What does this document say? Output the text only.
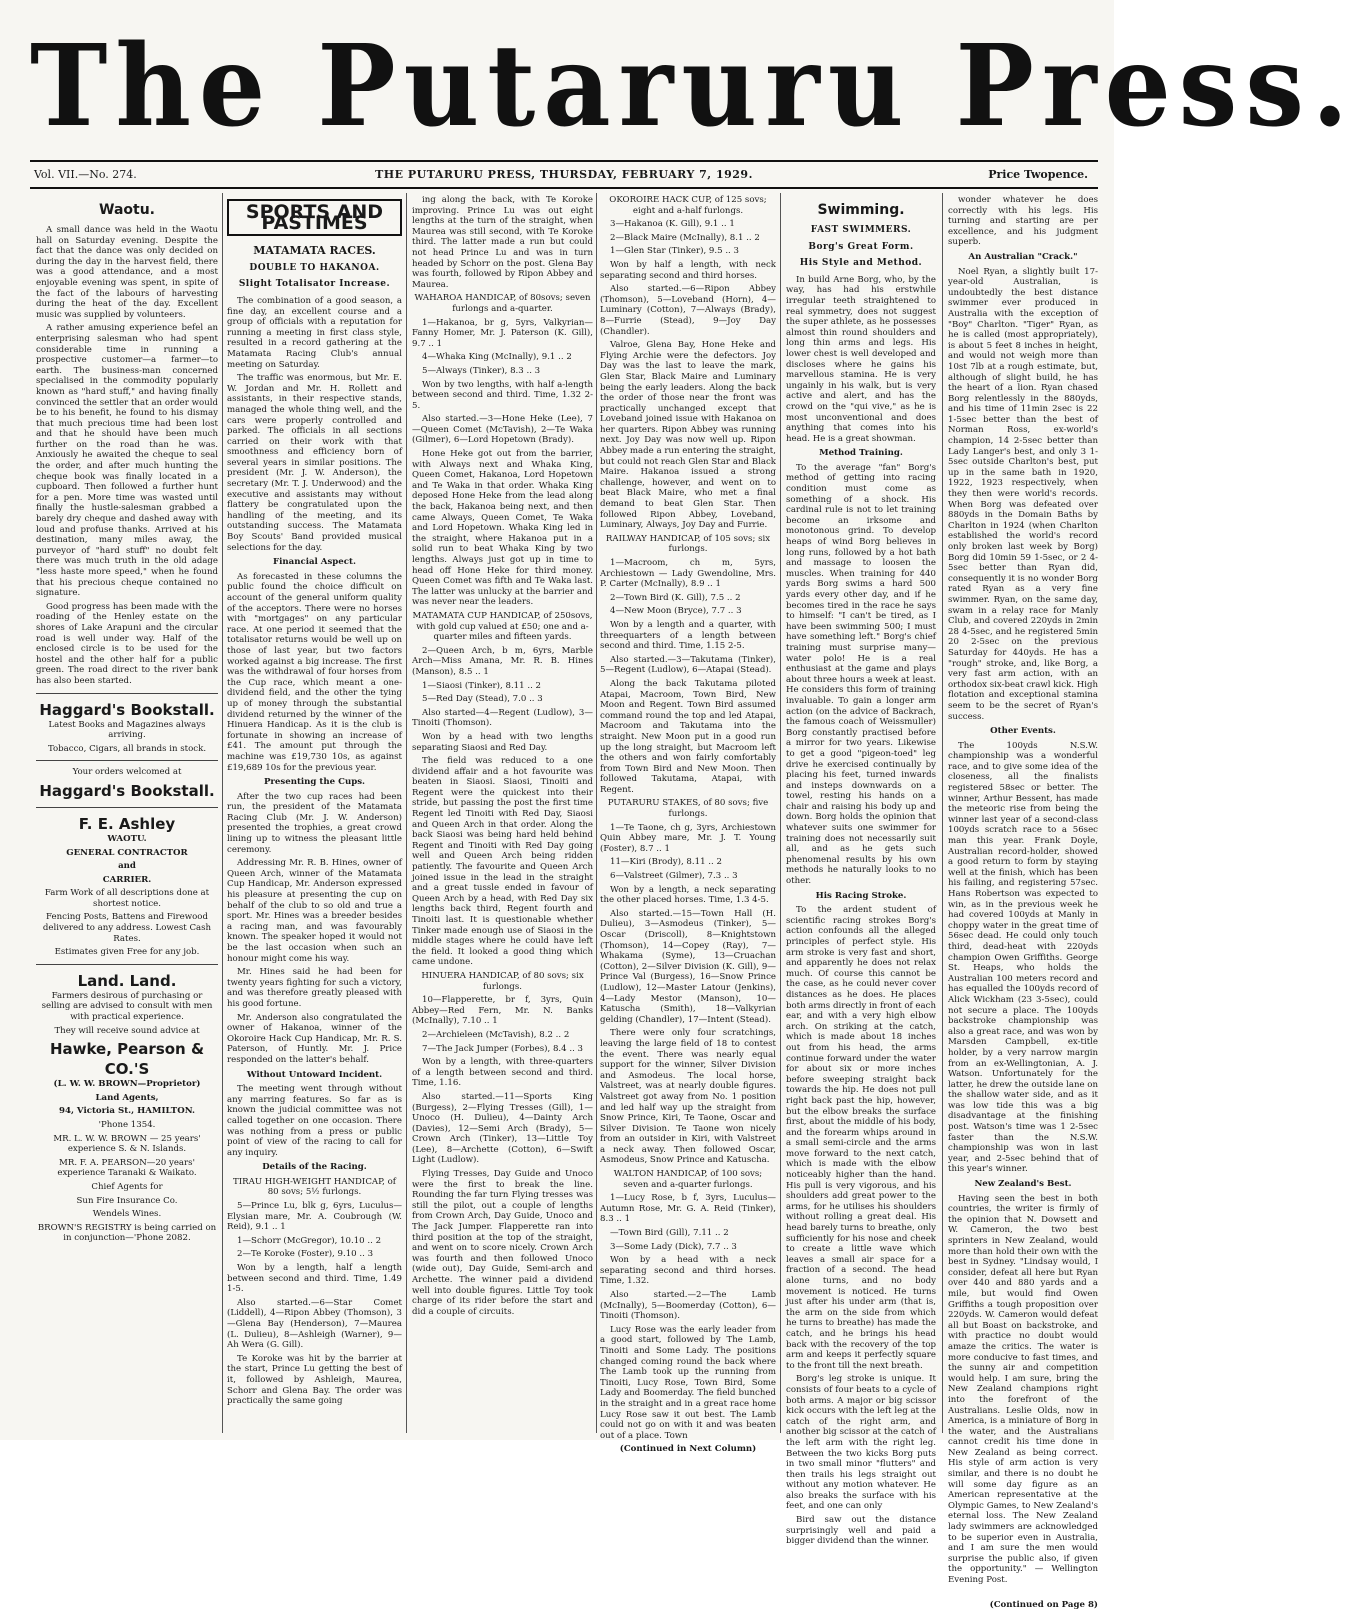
The Putaruru Press.
Vol. VII.—No. 274.	THE PUTARURU PRESS, THURSDAY, FEBRUARY 7, 1929.	Price Twopence.
Waotu.

A small dance was held in the Waotu hall on Saturday evening. Despite the fact that the dance was only decided on during the day in the harvest field, there was a good attendance, and a most enjoyable evening was spent, in spite of the fact of the labours of harvesting during the heat of the day. Excellent music was supplied by volunteers.

A rather amusing experience befel an enterprising salesman who had spent considerable time in running a prospective customer—a farmer—to earth. The business-man concerned specialised in the commodity popularly known as "hard stuff," and having finally convinced the settler that an order would be to his benefit, he found to his dismay that much precious time had been lost and that he should have been much further on the road than he was. Anxiously he awaited the cheque to seal the order, and after much hunting the cheque book was finally located in a cupboard. Then followed a further hunt for a pen. More time was wasted until finally the hustle-salesman grabbed a barely dry cheque and dashed away with loud and profuse thanks. Arrived at his destination, many miles away, the purveyor of "hard stuff" no doubt felt there was much truth in the old adage "less haste more speed," when he found that his precious cheque contained no signature.

Good progress has been made with the roading of the Henley estate on the shores of Lake Arapuni and the circular road is well under way. Half of the enclosed circle is to be used for the hostel and the other half for a public green. The road direct to the river bank has also been started.

Haggard's Bookstall.

Latest Books and Magazines always arriving.

Tobacco, Cigars, all brands in stock.

Your orders welcomed at

Haggard's Bookstall.
F. E. Ashley

WAOTU.

GENERAL CONTRACTOR

and

CARRIER.

Farm Work of all descriptions done at shortest notice.

Fencing Posts, Battens and Firewood delivered to any address. Lowest Cash Rates.

Estimates given Free for any job.

Land. Land.

Farmers desirous of purchasing or selling are advised to consult with men with practical experience.

They will receive sound advice at

Hawke, Pearson & CO.'S

(L. W. W. BROWN—Proprietor)

Land Agents,

94, Victoria St., HAMILTON.

'Phone 1354.

MR. L. W. W. BROWN — 25 years' experience S. & N. Islands.

MR. F. A. PEARSON—20 years' experience Taranaki & Waikato.

Chief Agents for

Sun Fire Insurance Co.

Wendels Wines.

BROWN'S REGISTRY is being carried on in conjunction—'Phone 2082.

SPORTS AND PASTIMES
MATAMATA RACES.
DOUBLE TO HAKANOA.
Slight Totalisator Increase.

The combination of a good season, a fine day, an excellent course and a group of officials with a reputation for running a meeting in first class style, resulted in a record gathering at the Matamata Racing Club's annual meeting on Saturday.

The traffic was enormous, but Mr. E. W. Jordan and Mr. H. Rollett and assistants, in their respective stands, managed the whole thing well, and the cars were properly controlled and parked. The officials in all sections carried on their work with that smoothness and efficiency born of several years in similar positions. The president (Mr. J. W. Anderson), the secretary (Mr. T. J. Underwood) and the executive and assistants may without flattery be congratulated upon the handling of the meeting, and its outstanding success. The Matamata Boy Scouts' Band provided musical selections for the day.

Financial Aspect.

As forecasted in these columns the public found the choice difficult on account of the general uniform quality of the acceptors. There were no horses with "mortgages" on any particular race. At one period it seemed that the totalisator returns would be well up on those of last year, but two factors worked against a big increase. The first was the withdrawal of four horses from the Cup race, which meant a one-dividend field, and the other the tying up of money through the substantial dividend returned by the winner of the Hinuera Handicap. As it is the club is fortunate in showing an increase of £41. The amount put through the machine was £19,730 10s, as against £19,689 10s for the previous year.

Presenting the Cups.

After the two cup races had been run, the president of the Matamata Racing Club (Mr. J. W. Anderson) presented the trophies, a great crowd lining up to witness the pleasant little ceremony.

Addressing Mr. R. B. Hines, owner of Queen Arch, winner of the Matamata Cup Handicap, Mr. Anderson expressed his pleasure at presenting the cup on behalf of the club to so old and true a sport. Mr. Hines was a breeder besides a racing man, and was favourably known. The speaker hoped it would not be the last occasion when such an honour might come his way.

Mr. Hines said he had been for twenty years fighting for such a victory, and was therefore greatly pleased with his good fortune.

Mr. Anderson also congratulated the owner of Hakanoa, winner of the Okoroire Hack Cup Handicap, Mr. R. S. Paterson, of Huntly. Mr. J. Price responded on the latter's behalf.

Without Untoward Incident.

The meeting went through without any marring features. So far as is known the judicial committee was not called together on one occasion. There was nothing from a press or public point of view of the racing to call for any inquiry.

Details of the Racing.

TIRAU HIGH-WEIGHT HANDICAP, of 80 sovs; 5½ furlongs.

5—Prince Lu, blk g, 6yrs, Luculus—Elysian mare, Mr. A. Coubrough (W. Reid), 9.1 .. 1

1—Schorr (McGregor), 10.10 .. 2

2—Te Koroke (Foster), 9.10 .. 3

Won by a length, half a length between second and third. Time, 1.49 1-5.

Also started.—6—Star Comet (Liddell), 4—Ripon Abbey (Thomson), 3—Glena Bay (Henderson), 7—Maurea (L. Dulieu), 8—Ashleigh (Warner), 9—Ah Wera (G. Gill).

Te Koroke was hit by the barrier at the start, Prince Lu getting the best of it, followed by Ashleigh, Maurea, Schorr and Glena Bay. The order was practically the same going

ing along the back, with Te Koroke improving. Prince Lu was out eight lengths at the turn of the straight, when Maurea was still second, with Te Koroke third. The latter made a run but could not head Prince Lu and was in turn headed by Schorr on the post. Glena Bay was fourth, followed by Ripon Abbey and Maurea.

WAHAROA HANDICAP, of 80sovs; seven furlongs and a-quarter.

1—Hakanoa, br g, 5yrs, Valkyrian—Fanny Homer, Mr. J. Paterson (K. Gill), 9.7 .. 1

4—Whaka King (McInally), 9.1 .. 2

5—Always (Tinker), 8.3 .. 3

Won by two lengths, with half a-length between second and third. Time, 1.32 2-5.

Also started.—3—Hone Heke (Lee), 7—Queen Comet (McTavish), 2—Te Waka (Gilmer), 6—Lord Hopetown (Brady).

Hone Heke got out from the barrier, with Always next and Whaka King, Queen Comet, Hakanoa, Lord Hopetown and Te Waka in that order. Whaka King deposed Hone Heke from the lead along the back, Hakanoa being next, and then came Always, Queen Comet, Te Waka and Lord Hopetown. Whaka King led in the straight, where Hakanoa put in a solid run to beat Whaka King by two lengths. Always just got up in time to head off Hone Heke for third money. Queen Comet was fifth and Te Waka last. The latter was unlucky at the barrier and was never near the leaders.

MATAMATA CUP HANDICAP, of 250sovs, with gold cup valued at £50; one and a-quarter miles and fifteen yards.

2—Queen Arch, b m, 6yrs, Marble Arch—Miss Amana, Mr. R. B. Hines (Manson), 8.5 .. 1

1—Siaosi (Tinker), 8.11 .. 2

5—Red Day (Stead), 7.0 .. 3

Also started—4—Regent (Ludlow), 3—Tinoiti (Thomson).

Won by a head with two lengths separating Siaosi and Red Day.

The field was reduced to a one dividend affair and a hot favourite was beaten in Siaosi. Siaosi, Tinoiti and Regent were the quickest into their stride, but passing the post the first time Regent led Tinoiti with Red Day, Siaosi and Queen Arch in that order. Along the back Siaosi was being hard held behind Regent and Tinoiti with Red Day going well and Queen Arch being ridden patiently. The favourite and Queen Arch joined issue in the lead in the straight and a great tussle ended in favour of Queen Arch by a head, with Red Day six lengths back third, Regent fourth and Tinoiti last. It is questionable whether Tinker made enough use of Siaosi in the middle stages where he could have left the field. It looked a good thing which came undone.

HINUERA HANDICAP, of 80 sovs; six furlongs.

10—Flapperette, br f, 3yrs, Quin Abbey—Red Fern, Mr. N. Banks (McInally), 7.10 .. 1

2—Archieleen (McTavish), 8.2 .. 2

7—The Jack Jumper (Forbes), 8.4 .. 3

Won by a length, with three-quarters of a length between second and third. Time, 1.16.

Also started.—11—Sports King (Burgess), 2—Flying Tresses (Gill), 1—Unoco (H. Dulieu), 4—Dainty Arch (Davies), 12—Semi Arch (Brady), 5—Crown Arch (Tinker), 13—Little Toy (Lee), 8—Archette (Cotton), 6—Swift Light (Ludlow).

Flying Tresses, Day Guide and Unoco were the first to break the line. Rounding the far turn Flying tresses was still the pilot, out a couple of lengths from Crown Arch, Day Guide, Unoco and The Jack Jumper. Flapperette ran into third position at the top of the straight, and went on to score nicely. Crown Arch was fourth and then followed Unoco (wide out), Day Guide, Semi-arch and Archette. The winner paid a dividend well into double figures. Little Toy took charge of its rider before the start and did a couple of circuits.

OKOROIRE HACK CUP, of 125 sovs; eight and a-half furlongs.

3—Hakanoa (K. Gill), 9.1 .. 1

2—Black Maire (McInally), 8.1 .. 2

1—Glen Star (Tinker), 9.5 .. 3

Won by half a length, with neck separating second and third horses.

Also started.—6—Ripon Abbey (Thomson), 5—Loveband (Horn), 4—Luminary (Cotton), 7—Always (Brady), 8—Furrie (Stead), 9—Joy Day (Chandler).

Valroe, Glena Bay, Hone Heke and Flying Archie were the defectors. Joy Day was the last to leave the mark, Glen Star, Black Maire and Luminary being the early leaders. Along the back the order of those near the front was practically unchanged except that Loveband joined issue with Hakanoa on her quarters. Ripon Abbey was running next. Joy Day was now well up. Ripon Abbey made a run entering the straight, but could not reach Glen Star and Black Maire. Hakanoa issued a strong challenge, however, and went on to beat Black Maire, who met a final demand to beat Glen Star. Then followed Ripon Abbey, Loveband, Luminary, Always, Joy Day and Furrie.

RAILWAY HANDICAP, of 105 sovs; six furlongs.

1—Macroom, ch m, 5yrs, Archiestown — Lady Gwendoline, Mrs. P. Carter (McInally), 8.9 .. 1

2—Town Bird (K. Gill), 7.5 .. 2

4—New Moon (Bryce), 7.7 .. 3

Won by a length and a quarter, with threequarters of a length between second and third. Time, 1.15 2-5.

Also started.—3—Takutama (Tinker), 5—Regent (Ludlow), 6—Atapai (Stead).

Along the back Takutama piloted Atapai, Macroom, Town Bird, New Moon and Regent. Town Bird assumed command round the top and led Atapai, Macroom and Takutama into the straight. New Moon put in a good run up the long straight, but Macroom left the others and won fairly comfortably from Town Bird and New Moon. Then followed Takutama, Atapai, with Regent.

PUTARURU STAKES, of 80 sovs; five furlongs.

1—Te Taone, ch g, 3yrs, Archiestown Quin Abbey mare, Mr. J. T. Young (Foster), 8.7 .. 1

11—Kiri (Brody), 8.11 .. 2

6—Valstreet (Gilmer), 7.3 .. 3

Won by a length, a neck separating the other placed horses. Time, 1.3 4-5.

Also started.—15—Town Hall (H. Dulieu), 3—Asmodeus (Tinker), 5—Oscar (Driscoll), 8—Knightstown (Thomson), 14—Copey (Ray), 7—Whakama (Syme), 13—Cruachan (Cotton), 2—Silver Division (K. Gill), 9—Prince Val (Burgess), 16—Snow Prince (Ludlow), 12—Master Latour (Jenkins), 4—Lady Mestor (Manson), 10—Katuscha (Smith), 18—Valkyrian gelding (Chandler), 17—Intent (Stead).

There were only four scratchings, leaving the large field of 18 to contest the event. There was nearly equal support for the winner, Silver Division and Asmodeus. The local horse, Valstreet, was at nearly double figures. Valstreet got away from No. 1 position and led half way up the straight from Snow Prince, Kiri, Te Taone, Oscar and Silver Division. Te Taone won nicely from an outsider in Kiri, with Valstreet a neck away. Then followed Oscar, Asmodeus, Snow Prince and Katuscha.

WALTON HANDICAP, of 100 sovs; seven and a-quarter furlongs.

1—Lucy Rose, b f, 3yrs, Luculus—Autumn Rose, Mr. G. A. Reid (Tinker), 8.3 .. 1

—Town Bird (Gill), 7.11 .. 2

3—Some Lady (Dick), 7.7 .. 3

Won by a head with a neck separating second and third horses. Time, 1.32.

Also started.—2—The Lamb (McInally), 5—Boomerday (Cotton), 6—Tinoiti (Thomson).

Lucy Rose was the early leader from a good start, followed by The Lamb, Tinoiti and Some Lady. The positions changed coming round the back where The Lamb took up the running from Tinoiti, Lucy Rose, Town Bird, Some Lady and Boomerday. The field bunched in the straight and in a great race home Lucy Rose saw it out best. The Lamb could not go on with it and was beaten out of a place. Town

(Continued in Next Column)

Swimming.
FAST SWIMMERS.
Borg's Great Form.
His Style and Method.

In build Arne Borg, who, by the way, has had his erstwhile irregular teeth straightened to real symmetry, does not suggest the super athlete, as he possesses almost thin round shoulders and long thin arms and legs. His lower chest is well developed and discloses where he gains his marvellous stamina. He is very ungainly in his walk, but is very active and alert, and has the crowd on the "qui vive," as he is most unconventional and does anything that comes into his head. He is a great showman.

Method Training.

To the average "fan" Borg's method of getting into racing condition must come as something of a shock. His cardinal rule is not to let training become an irksome and monotonous grind. To develop heaps of wind Borg believes in long runs, followed by a hot bath and massage to loosen the muscles. When training for 440 yards Borg swims a hard 500 yards every other day, and if he becomes tired in the race he says to himself: "I can't be tired, as I have been swimming 500; I must have something left." Borg's chief training must surprise many—water polo! He is a real enthusiast at the game and plays about three hours a week at least. He considers this form of training invaluable. To gain a longer arm action (on the advice of Backrach, the famous coach of Weissmuller) Borg constantly practised before a mirror for two years. Likewise to get a good "pigeon-toed" leg drive he exercised continually by placing his feet, turned inwards and insteps downwards on a towel, resting his hands on a chair and raising his body up and down. Borg holds the opinion that whatever suits one swimmer for training does not necessarily suit all, and as he gets such phenomenal results by his own methods he naturally looks to no other.

His Racing Stroke.

To the ardent student of scientific racing strokes Borg's action confounds all the alleged principles of perfect style. His arm stroke is very fast and short, and apparently he does not relax much. Of course this cannot be the case, as he could never cover distances as he does. He places both arms directly in front of each ear, and with a very high elbow arch. On striking at the catch, which is made about 18 inches out from his head, the arms continue forward under the water for about six or more inches before sweeping straight back towards the hip. He does not pull right back past the hip, however, but the elbow breaks the surface first, about the middle of his body, and the forearm whips around in a small semi-circle and the arms move forward to the next catch, which is made with the elbow noticeably higher than the hand. His pull is very vigorous, and his shoulders add great power to the arms, for he utilises his shoulders without rolling a great deal. His head barely turns to breathe, only sufficiently for his nose and cheek to create a little wave which leaves a small air space for a fraction of a second. The head alone turns, and no body movement is noticed. He turns just after his under arm (that is, the arm on the side from which he turns to breathe) has made the catch, and he brings his head back with the recovery of the top arm and keeps it perfectly square to the front till the next breath.

Borg's leg stroke is unique. It consists of four beats to a cycle of both arms. A major or big scissor kick occurs with the left leg at the catch of the right arm, and another big scissor at the catch of the left arm with the right leg. Between the two kicks Borg puts in two small minor "flutters" and then trails his legs straight out without any motion whatever. He also breaks the surface with his feet, and one can only

Bird saw out the distance surprisingly well and paid a bigger dividend than the winner.

wonder whatever he does correctly with his legs. His turning and starting are per excellence, and his judgment superb.

An Australian "Crack."

Noel Ryan, a slightly built 17-year-old Australian, is undoubtedly the best distance swimmer ever produced in Australia with the exception of "Boy" Charlton. "Tiger" Ryan, as he is called (most appropriately), is about 5 feet 8 inches in height, and would not weigh more than 10st 7lb at a rough estimate, but, although of slight build, he has the heart of a lion. Ryan chased Borg relentlessly in the 880yds, and his time of 11min 2sec is 22 1-5sec better than the best of Norman Ross, ex-world's champion, 14 2-5sec better than Lady Langer's best, and only 3 1-5sec outside Charlton's best, put up in the same bath in 1920, 1922, 1923 respectively, when they then were world's records. When Borg was defeated over 880yds in the Domain Baths by Charlton in 1924 (when Charlton established the world's record only broken last week by Borg) Borg did 10min 59 1-5sec, or 2 4-5sec better than Ryan did, consequently it is no wonder Borg rated Ryan as a very fine swimmer. Ryan, on the same day, swam in a relay race for Manly Club, and covered 220yds in 2min 28 4-5sec, and he registered 5min 20 2-5sec on the previous Saturday for 440yds. He has a "rough" stroke, and, like Borg, a very fast arm action, with an orthodox six-beat crawl kick. High flotation and exceptional stamina seem to be the secret of Ryan's success.

Other Events.

The 100yds N.S.W. championship was a wonderful race, and to give some idea of the closeness, all the finalists registered 58sec or better. The winner, Arthur Bessent, has made the meteoric rise from being the winner last year of a second-class 100yds scratch race to a 56sec man this year. Frank Doyle, Australian record-holder, showed a good return to form by staying well at the finish, which has been his failing, and registering 57sec. Hans Robertson was expected to win, as in the previous week he had covered 100yds at Manly in choppy water in the great time of 56sec dead. He could only touch third, dead-heat with 220yds champion Owen Griffiths. George St. Heaps, who holds the Australian 100 meters record and has equalled the 100yds record of Alick Wickham (23 3-5sec), could not secure a place. The 100yds backstroke championship was also a great race, and was won by Marsden Campbell, ex-title holder, by a very narrow margin from an ex-Wellingtonian, A. J. Watson. Unfortunately for the latter, he drew the outside lane on the shallow water side, and as it was low tide this was a big disadvantage at the finishing post. Watson's time was 1 2-5sec faster than the N.S.W. championship was won in last year, and 2-5sec behind that of this year's winner.

New Zealand's Best.

Having seen the best in both countries, the writer is firmly of the opinion that N. Dowsett and W. Cameron, the two best sprinters in New Zealand, would more than hold their own with the best in Sydney. "Lindsay would, I consider, defeat all here but Ryan over 440 and 880 yards and a mile, but would find Owen Griffiths a tough proposition over 220yds. W. Cameron would defeat all but Boast on backstroke, and with practice no doubt would amaze the critics. The water is more conducive to fast times, and the sunny air and competition would help. I am sure, bring the New Zealand champions right into the forefront of the Australians. Leslie Olds, now in America, is a miniature of Borg in the water, and the Australians cannot credit his time done in New Zealand as being correct. His style of arm action is very similar, and there is no doubt he will some day figure as an American representative at the Olympic Games, to New Zealand's eternal loss. The New Zealand lady swimmers are acknowledged to be superior even in Australia, and I am sure the men would surprise the public also, if given the opportunity." — Wellington Evening Post.

(Continued on Page 8)
